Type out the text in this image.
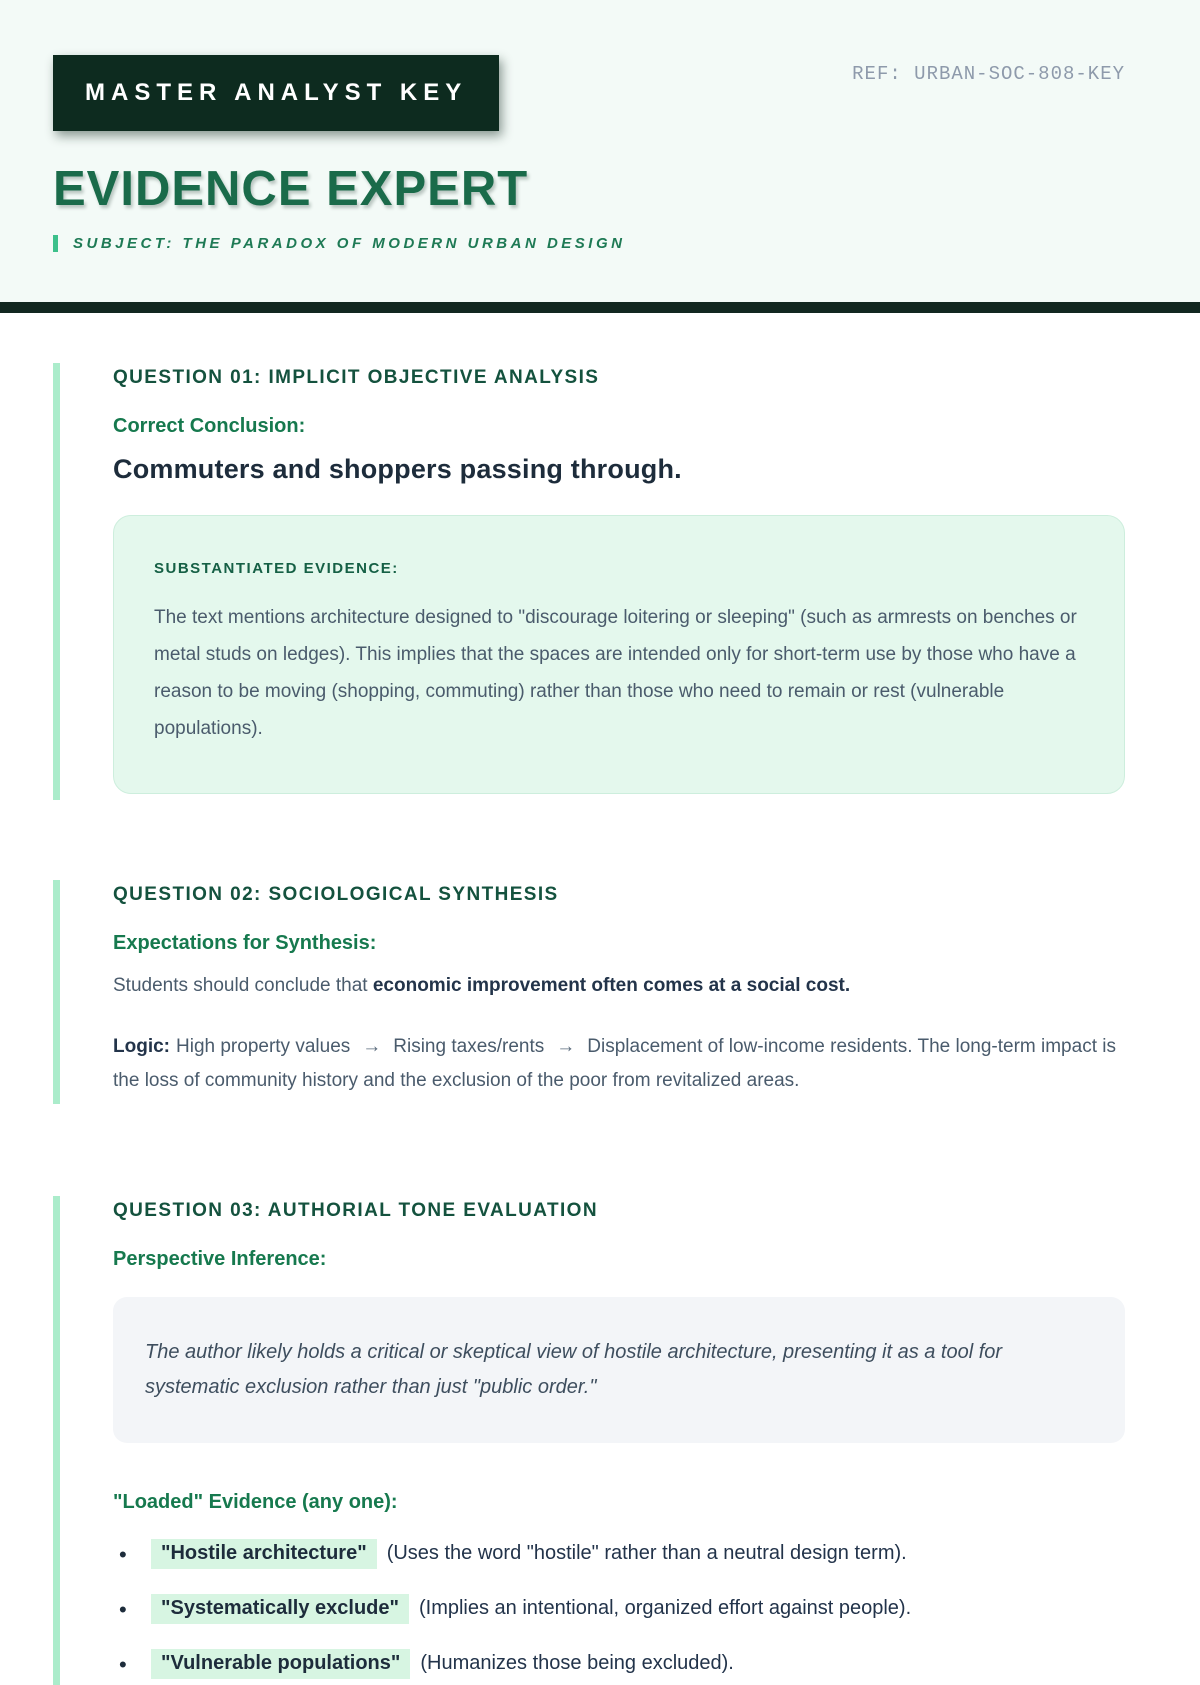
MASTER ANALYST KEY
REF: URBAN-SOC-808-KEY
EVIDENCE EXPERT
SUBJECT: THE PARADOX OF MODERN URBAN DESIGN
QUESTION 01: IMPLICIT OBJECTIVE ANALYSIS
Correct Conclusion:

Commuters and shoppers passing through.

SUBSTANTIATED EVIDENCE:

The text mentions architecture designed to "discourage loitering or sleeping" (such as armrests on benches or metal studs on ledges). This implies that the spaces are intended only for short-term use by those who have a reason to be moving (shopping, commuting) rather than those who need to remain or rest (vulnerable populations).

QUESTION 02: SOCIOLOGICAL SYNTHESIS
Expectations for Synthesis:

Students should conclude that economic improvement often comes at a social cost.

Logic: High property values → Rising taxes/rents → Displacement of low-income residents. The long-term impact is the loss of community history and the exclusion of the poor from revitalized areas.

QUESTION 03: AUTHORIAL TONE EVALUATION
Perspective Inference:

The author likely holds a critical or skeptical view of hostile architecture, presenting it as a tool for systematic exclusion rather than just "public order."

"Loaded" Evidence (any one):
• "Hostile architecture" (Uses the word "hostile" rather than a neutral design term).
• "Systematically exclude" (Implies an intentional, organized effort against people).
• "Vulnerable populations" (Humanizes those being excluded).
